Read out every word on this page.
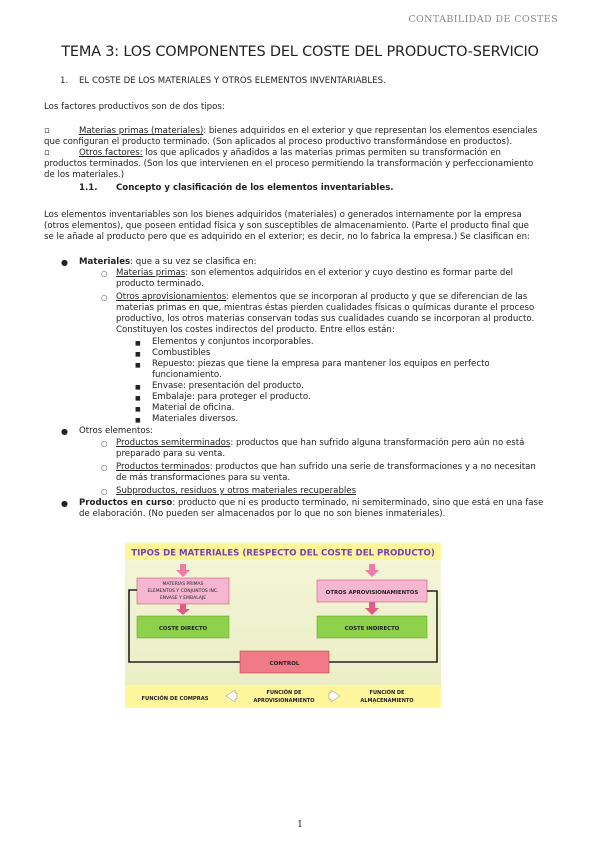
CONTABILIDAD DE COSTES
TEMA 3: LOS COMPONENTES DEL COSTE DEL PRODUCTO-SERVICIO
1. EL COSTE DE LOS MATERIALES Y OTROS ELEMENTOS INVENTARIABLES.
Los factores productivos son de dos tipos:
▫	Materias primas (materiales): bienes adquiridos en el exterior y que representan los elementos esenciales
que configuran el producto terminado. (Son aplicados al proceso productivo transformándose en productos).
▫	Otros factores: los que aplicados y añadidos a las materias primas permiten su transformación en
productos terminados. (Son los que intervienen en el proceso permitiendo la transformación y perfeccionamiento
de los materiales.)
1.1. Concepto y clasificación de los elementos inventariables.
Los elementos inventariables son los bienes adquiridos (materiales) o generados internamente por la empresa
(otros elementos), que poseen entidad física y son susceptibles de almacenamiento. (Parte el producto final que
se le añade al producto pero que es adquirido en el exterior; es decir, no lo fabrica la empresa.) Se clasifican en:
● Materiales: que a su vez se clasifica en:
○ Materias primas: son elementos adquiridos en el exterior y cuyo destino es formar parte del
producto terminado.
○ Otros aprovisionamientos: elementos que se incorporan al producto y que se diferencian de las
materias primas en que, mientras éstas pierden cualidades físicas o químicas durante el proceso
productivo, los otros materias conservan todas sus cualidades cuando se incorporan al producto.
Constituyen los costes indirectos del producto. Entre ellos están:
■ Elementos y conjuntos incorporables.
■ Combustibles
■ Repuesto: piezas que tiene la empresa para mantener los equipos en perfecto
funcionamiento.
■ Envase: presentación del producto.
■ Embalaje: para proteger el producto.
■ Material de oficina.
■ Materiales diversos.
● Otros elementos:
○ Productos semiterminados: productos que han sufrido alguna transformación pero aún no está
preparado para su venta.
○ Productos terminados: productos que han sufrido una serie de transformaciones y a no necesitan
de más transformaciones para su venta.
○ Subproductos, residuos y otros materiales recuperables
● Productos en curso: producto que ni es producto terminado, ni semiterminado, sino que está en una fase
de elaboración. (No pueden ser almacenados por lo que no son bienes inmateriales).
TIPOS DE MATERIALES (RESPECTO DEL COSTE DEL PRODUCTO)
MATERIAS PRIMAS
ELEMENTOS Y CONJUNTOS INC.
ENVASE Y EMBALAJE
OTROS APROVISIONAMIENTOS
COSTE DIRECTO	COSTE INDIRECTO
CONTROL
FUNCIÓN DE COMPRAS
FUNCIÓN DE
APROVISIONAMIENTO
FUNCIÓN DE
ALMACENAMIENTO
1
